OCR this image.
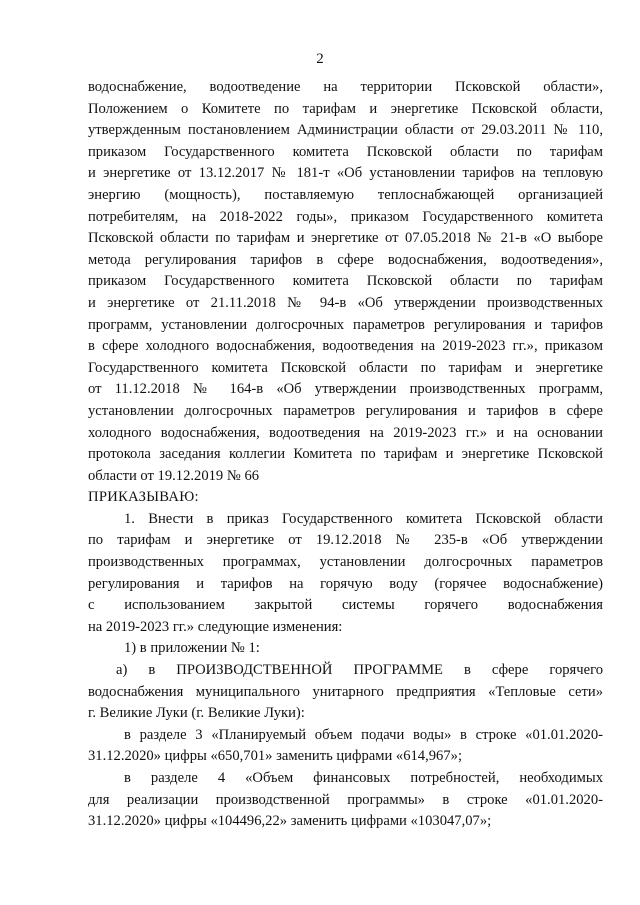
2
водоснабжение, водоотведение на территории Псковской области»,
Положением о Комитете по тарифам и энергетике Псковской области,
утвержденным постановлением Администрации области от 29.03.2011 № 110,
приказом Государственного комитета Псковской области по тарифам
и энергетике от 13.12.2017 № 181-т «Об установлении тарифов на тепловую
энергию (мощность), поставляемую теплоснабжающей организацией
потребителям, на 2018-2022 годы», приказом Государственного комитета
Псковской области по тарифам и энергетике от 07.05.2018 № 21-в «О выборе
метода регулирования тарифов в сфере водоснабжения, водоотведения»,
приказом Государственного комитета Псковской области по тарифам
и энергетике от 21.11.2018 № 94-в «Об утверждении производственных
программ, установлении долгосрочных параметров регулирования и тарифов
в сфере холодного водоснабжения, водоотведения на 2019-2023 гг.», приказом
Государственного комитета Псковской области по тарифам и энергетике
от 11.12.2018 № 164-в «Об утверждении производственных программ,
установлении долгосрочных параметров регулирования и тарифов в сфере
холодного водоснабжения, водоотведения на 2019-2023 гг.» и на основании
протокола заседания коллегии Комитета по тарифам и энергетике Псковской
области от 19.12.2019 № 66
ПРИКАЗЫВАЮ:
1. Внести в приказ Государственного комитета Псковской области
по тарифам и энергетике от 19.12.2018 № 235-в «Об утверждении
производственных программах, установлении долгосрочных параметров
регулирования и тарифов на горячую воду (горячее водоснабжение)
с использованием закрытой системы горячего водоснабжения
на 2019-2023 гг.» следующие изменения:
1) в приложении № 1:
а) в ПРОИЗВОДСТВЕННОЙ ПРОГРАММЕ в сфере горячего
водоснабжения муниципального унитарного предприятия «Тепловые сети»
г. Великие Луки (г. Великие Луки):
в разделе 3 «Планируемый объем подачи воды» в строке «01.01.2020-
31.12.2020» цифры «650,701» заменить цифрами «614,967»;
в разделе 4 «Объем финансовых потребностей, необходимых
для реализации производственной программы» в строке «01.01.2020-
31.12.2020» цифры «104496,22» заменить цифрами «103047,07»;
